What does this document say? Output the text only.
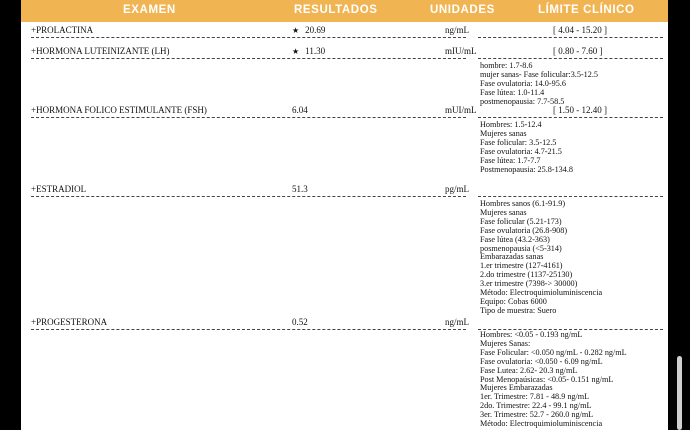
EXAMEN	RESULTADOS	UNIDADES	LÍMITE CLÍNICO
+PROLACTINA	★ 20.69	ng/mL	[ 4.04 - 15.20 ]
+HORMONA LUTEINIZANTE (LH)	★ 11.30	mIU/mL	[ 0.80 - 7.60 ]
hombre: 1.7-8.6
mujer sanas- Fase folicular:3.5-12.5
Fase ovulatoria: 14.0-95.6
Fase lútea: 1.0-11.4
postmenopausia: 7.7-58.5
+HORMONA FOLICO ESTIMULANTE (FSH)	6.04	mUI/mL	[ 1.50 - 12.40 ]
Hombres: 1.5-12.4
Mujeres sanas
Fase folicular: 3.5-12.5
Fase ovulatoria: 4.7-21.5
Fase lútea: 1.7-7.7
Postmenopausia: 25.8-134.8
+ESTRADIOL	51.3	pg/mL
Hombres sanos (6.1-91.9)
Mujeres sanas
Fase folicular (5.21-173)
Fase ovulatoria (26.8-908)
Fase lútea (43.2-363)
posmenopausia (<5-314)
Embarazadas sanas
1.er trimestre (127-4161)
2.do trimestre (1137-25130)
3.er trimestre (7398-> 30000)
Método: Electroquimioluminiscencia
Equipo: Cobas 6000
Tipo de muestra: Suero
+PROGESTERONA	0.52	ng/mL
Hombres: <0.05 - 0.193 ng/mL
Mujeres Sanas:
Fase Folicular: <0.050 ng/mL - 0.282 ng/mL
Fase ovulatoria: <0.050 - 6.09 ng/mL
Fase Lutea: 2.62- 20.3 ng/mL
Post Menopaúsicas: <0.05- 0.151 ng/mL
Mujeres Embarazadas
1er. Trimestre: 7.81 - 48.9 ng/mL
2do. Trimestre: 22.4 - 99.1 ng/mL
3er. Trimestre: 52.7 - 260.0 ng/mL
Método: Electroquimioluminiscencia
